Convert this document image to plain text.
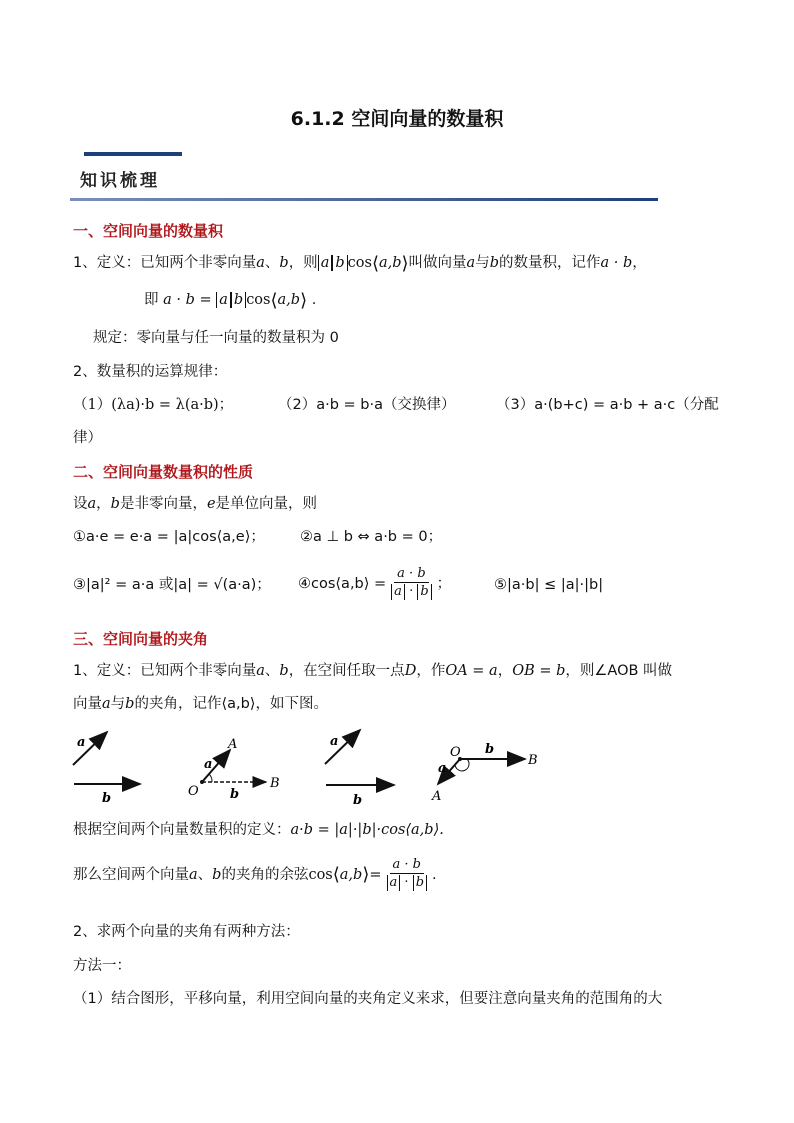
6.1.2 空间向量的数量积
知识梳理
一、空间向量的数量积
1、定义：已知两个非零向量a、b，则 a b cos⟨a,b⟩叫做向量a与b的数量积，记作a · b，
即 a · b = a b cos⟨a,b⟩ .
规定：零向量与任一向量的数量积为 0
2、数量积的运算规律：
（1）(λa)·b = λ(a·b)；	（2）a·b = b·a（交换律）	（3）a·(b+c) = a·b + a·c（分配
律）
二、空间向量数量积的性质
设a，b是非零向量，e是单位向量，则
①a·e = e·a = |a|cos⟨a,e⟩； ②a ⊥ b ⇔ a·b = 0；
③|a|² = a·a 或|a| = √(a·a)； ④cos⟨a,b⟩ = $\frac{a \cdot b}{a \cdot b}$ ；	⑤|a·b| ≤ |a|·|b|
三、空间向量的夹角
1、定义：已知两个非零向量a、b，在空间任取一点D，作OA = a，OB = b，则∠AOB 叫做
向量a与b的夹角，记作⟨a,b⟩，如下图。
a
b	O
A
B
a
b
a
b
O b
B
a
A
根据空间两个向量数量积的定义：a·b = |a|·|b|·cos⟨a,b⟩.
那么空间两个向量 a 、 b 的夹角的余弦 cos ⟨ a,b ⟩ = $\frac{a \cdot b}{a \cdot b}$ .
2、求两个向量的夹角有两种方法：
方法一：
（1）结合图形，平移向量，利用空间向量的夹角定义来求，但要注意向量夹角的范围角的大
